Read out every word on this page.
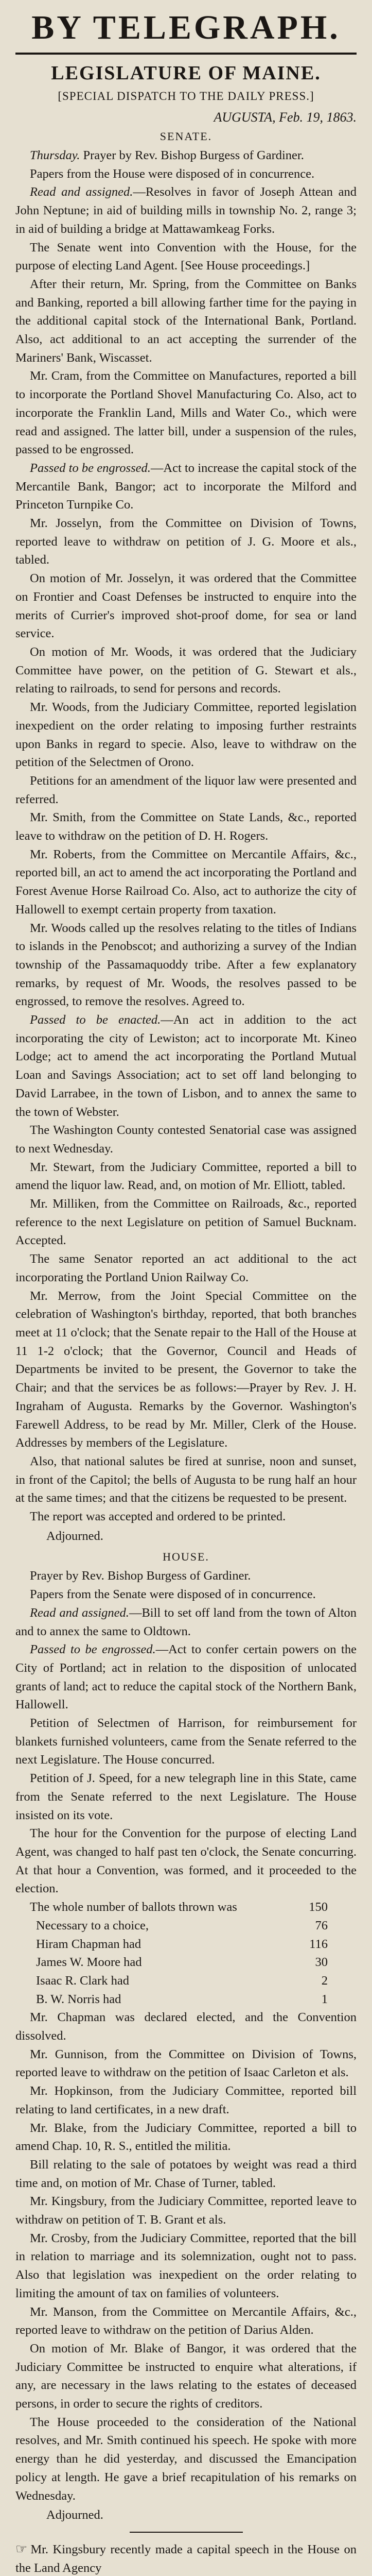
BY TELEGRAPH.
LEGISLATURE OF MAINE.
[SPECIAL DISPATCH TO THE DAILY PRESS.]
AUGUSTA, Feb. 19, 1863.
SENATE.

Thursday. Prayer by Rev. Bishop Burgess of Gardiner.

Papers from the House were disposed of in concurrence.

Read and assigned.—Resolves in favor of Joseph Attean and John Neptune; in aid of building mills in township No. 2, range 3; in aid of building a bridge at Mattawamkeag Forks.

The Senate went into Convention with the House, for the purpose of electing Land Agent. [See House proceedings.]

After their return, Mr. Spring, from the Committee on Banks and Banking, reported a bill allowing farther time for the paying in the additional capital stock of the International Bank, Portland. Also, act additional to an act accepting the surrender of the Mariners' Bank, Wiscasset.

Mr. Cram, from the Committee on Manufactures, reported a bill to incorporate the Portland Shovel Manufacturing Co. Also, act to incorporate the Franklin Land, Mills and Water Co., which were read and assigned. The latter bill, under a suspension of the rules, passed to be engrossed.

Passed to be engrossed.—Act to increase the capital stock of the Mercantile Bank, Bangor; act to incorporate the Milford and Princeton Turnpike Co.

Mr. Josselyn, from the Committee on Division of Towns, reported leave to withdraw on petition of J. G. Moore et als., tabled.

On motion of Mr. Josselyn, it was ordered that the Committee on Frontier and Coast Defenses be instructed to enquire into the merits of Currier's improved shot-proof dome, for sea or land service.

On motion of Mr. Woods, it was ordered that the Judiciary Committee have power, on the petition of G. Stewart et als., relating to railroads, to send for persons and records.

Mr. Woods, from the Judiciary Committee, reported legislation inexpedient on the order relating to imposing further restraints upon Banks in regard to specie. Also, leave to withdraw on the petition of the Selectmen of Orono.

Petitions for an amendment of the liquor law were presented and referred.

Mr. Smith, from the Committee on State Lands, &c., reported leave to withdraw on the petition of D. H. Rogers.

Mr. Roberts, from the Committee on Mercantile Affairs, &c., reported bill, an act to amend the act incorporating the Portland and Forest Avenue Horse Railroad Co. Also, act to authorize the city of Hallowell to exempt certain property from taxation.

Mr. Woods called up the resolves relating to the titles of Indians to islands in the Penobscot; and authorizing a survey of the Indian township of the Passamaquoddy tribe. After a few explanatory remarks, by request of Mr. Woods, the resolves passed to be engrossed, to remove the resolves. Agreed to.

Passed to be enacted.—An act in addition to the act incorporating the city of Lewiston; act to incorporate Mt. Kineo Lodge; act to amend the act incorporating the Portland Mutual Loan and Savings Association; act to set off land belonging to David Larrabee, in the town of Lisbon, and to annex the same to the town of Webster.

The Washington County contested Senatorial case was assigned to next Wednesday.

Mr. Stewart, from the Judiciary Committee, reported a bill to amend the liquor law. Read, and, on motion of Mr. Elliott, tabled.

Mr. Milliken, from the Committee on Railroads, &c., reported reference to the next Legislature on petition of Samuel Bucknam. Accepted.

The same Senator reported an act additional to the act incorporating the Portland Union Railway Co.

Mr. Merrow, from the Joint Special Committee on the celebration of Washington's birthday, reported, that both branches meet at 11 o'clock; that the Senate repair to the Hall of the House at 11 1-2 o'clock; that the Governor, Council and Heads of Departments be invited to be present, the Governor to take the Chair; and that the services be as follows:—Prayer by Rev. J. H. Ingraham of Augusta. Remarks by the Governor. Washington's Farewell Address, to be read by Mr. Miller, Clerk of the House. Addresses by members of the Legislature.

Also, that national salutes be fired at sunrise, noon and sunset, in front of the Capitol; the bells of Augusta to be rung half an hour at the same times; and that the citizens be requested to be present.

The report was accepted and ordered to be printed.

Adjourned.
HOUSE.

Prayer by Rev. Bishop Burgess of Gardiner.

Papers from the Senate were disposed of in concurrence.

Read and assigned.—Bill to set off land from the town of Alton and to annex the same to Oldtown.

Passed to be engrossed.—Act to confer certain powers on the City of Portland; act in relation to the disposition of unlocated grants of land; act to reduce the capital stock of the Northern Bank, Hallowell.

Petition of Selectmen of Harrison, for reimbursement for blankets furnished volunteers, came from the Senate referred to the next Legislature. The House concurred.

Petition of J. Speed, for a new telegraph line in this State, came from the Senate referred to the next Legislature. The House insisted on its vote.

The hour for the Convention for the purpose of electing Land Agent, was changed to half past ten o'clock, the Senate concurring. At that hour a Convention, was formed, and it proceeded to the election.

The whole number of ballots thrown was	150
Necessary to a choice,	76
Hiram Chapman had	116
James W. Moore had	30
Isaac R. Clark had	2
B. W. Norris had	1

Mr. Chapman was declared elected, and the Convention dissolved.

Mr. Gunnison, from the Committee on Division of Towns, reported leave to withdraw on the petition of Isaac Carleton et als.

Mr. Hopkinson, from the Judiciary Committee, reported bill relating to land certificates, in a new draft.

Mr. Blake, from the Judiciary Committee, reported a bill to amend Chap. 10, R. S., entitled the militia.

Bill relating to the sale of potatoes by weight was read a third time and, on motion of Mr. Chase of Turner, tabled.

Mr. Kingsbury, from the Judiciary Committee, reported leave to withdraw on petition of T. B. Grant et als.

Mr. Crosby, from the Judiciary Committee, reported that the bill in relation to marriage and its solemnization, ought not to pass. Also that legislation was inexpedient on the order relating to limiting the amount of tax on families of volunteers.

Mr. Manson, from the Committee on Mercantile Affairs, &c., reported leave to withdraw on the petition of Darius Alden.

On motion of Mr. Blake of Bangor, it was ordered that the Judiciary Committee be instructed to enquire what alterations, if any, are necessary in the laws relating to the estates of deceased persons, in order to secure the rights of creditors.

The House proceeded to the consideration of the National resolves, and Mr. Smith continued his speech. He spoke with more energy than he did yesterday, and discussed the Emancipation policy at length. He gave a brief recapitulation of his remarks on Wednesday.

Adjourned.

☞ Mr. Kingsbury recently made a capital speech in the House on the Land Agency
